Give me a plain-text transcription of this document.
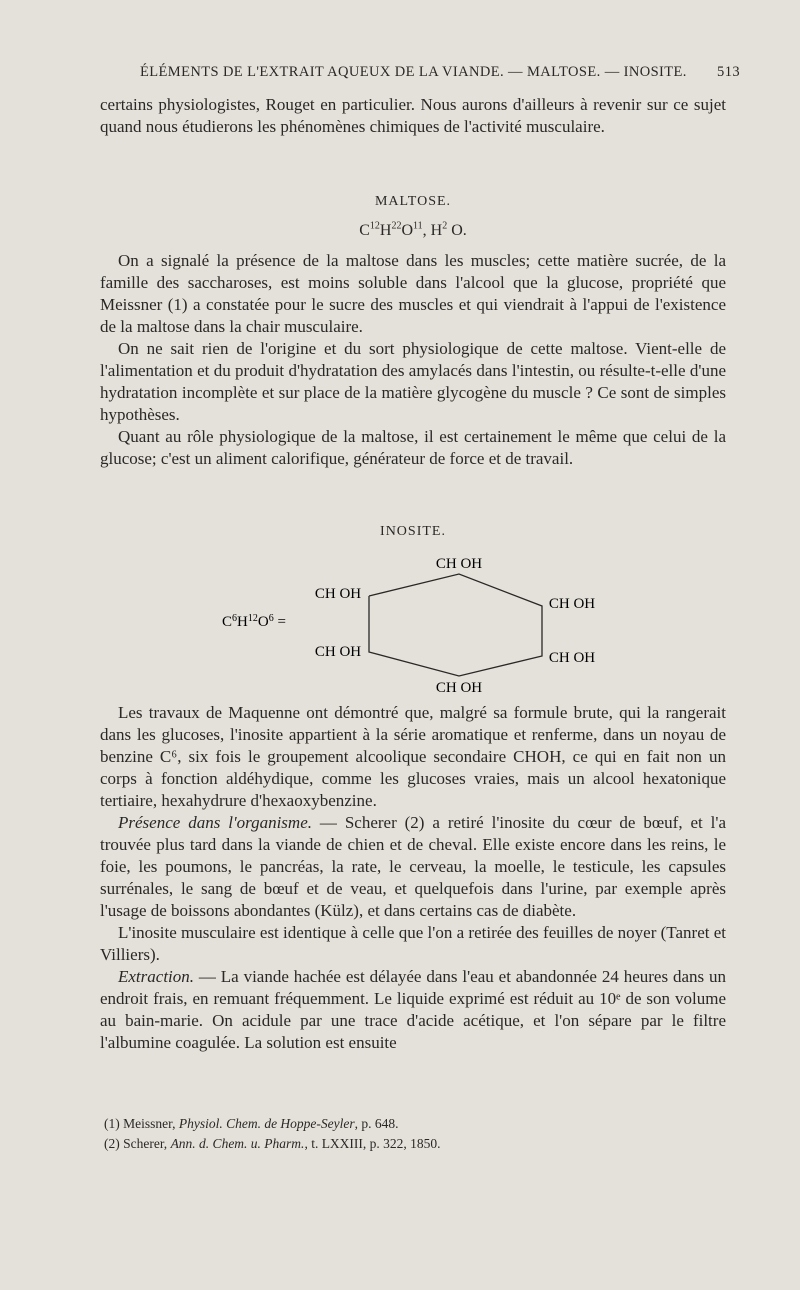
ÉLÉMENTS DE L'EXTRAIT AQUEUX DE LA VIANDE. — MALTOSE. — INOSITE. 513

certains physiologistes, Rouget en particulier. Nous aurons d'ailleurs à revenir sur ce sujet quand nous étudierons les phénomènes chimiques de l'activité musculaire.

MALTOSE.
$C^{12}H^{22}O^{11}$, $H^2$ O.

On a signalé la présence de la maltose dans les muscles; cette matière sucrée, de la famille des saccharoses, est moins soluble dans l'alcool que la glucose, propriété que Meissner (1) a constatée pour le sucre des muscles et qui viendrait à l'appui de l'existence de la maltose dans la chair musculaire.

On ne sait rien de l'origine et du sort physiologique de cette maltose. Vient-elle de l'alimentation et du produit d'hydratation des amylacés dans l'intestin, ou résulte-t-elle d'une hydratation incomplète et sur place de la matière glycogène du muscle ? Ce sont de simples hypothèses.

Quant au rôle physiologique de la maltose, il est certainement le même que celui de la glucose; c'est un aliment calorifique, générateur de force et de travail.

INOSITE.
$C^6H^{12}O^6$ =
CH OH
CH OH
CH OH
CH OH	CH OH
CH OH

Les travaux de Maquenne ont démontré que, malgré sa formule brute, qui la rangerait dans les glucoses, l'inosite appartient à la série aromatique et renferme, dans un noyau de benzine C⁶, six fois le groupement alcoolique secondaire CHOH, ce qui en fait non un corps à fonction aldéhydique, comme les glucoses vraies, mais un alcool hexatonique tertiaire, hexahydrure d'hexaoxybenzine.

Présence dans l'organisme. — Scherer (2) a retiré l'inosite du cœur de bœuf, et l'a trouvée plus tard dans la viande de chien et de cheval. Elle existe encore dans les reins, le foie, les poumons, le pancréas, la rate, le cerveau, la moelle, le testicule, les capsules surrénales, le sang de bœuf et de veau, et quelquefois dans l'urine, par exemple après l'usage de boissons abondantes (Külz), et dans certains cas de diabète.

L'inosite musculaire est identique à celle que l'on a retirée des feuilles de noyer (Tanret et Villiers).

Extraction. — La viande hachée est délayée dans l'eau et abandonnée 24 heures dans un endroit frais, en remuant fréquemment. Le liquide exprimé est réduit au 10ᵉ de son volume au bain-marie. On acidule par une trace d'acide acétique, et l'on sépare par le filtre l'albumine coagulée. La solution est ensuite

(1) Meissner, Physiol. Chem. de Hoppe-Seyler, p. 648.
(2) Scherer, Ann. d. Chem. u. Pharm., t. LXXIII, p. 322, 1850.
